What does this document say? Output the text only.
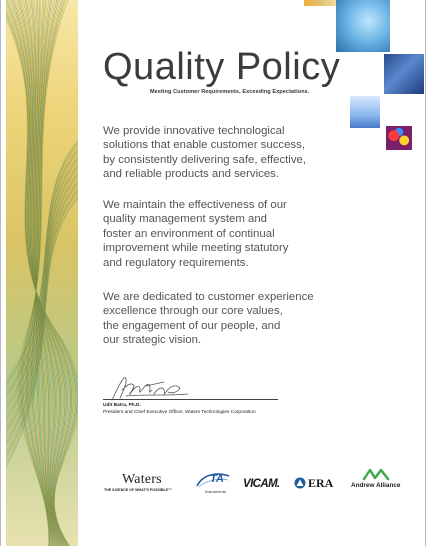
Quality Policy
Meeting Customer Requirements, Exceeding Expectations.

We provide innovative technological
solutions that enable customer success,
by consistently delivering safe, effective,
and reliable products and services.

We maintain the effectiveness of our
quality management system and
foster an environment of continual
improvement while meeting statutory
and regulatory requirements.

We are dedicated to customer experience
excellence through our core values,
the engagement of our people, and
our strategic vision.

Udit Batra, Ph.D.
President and Chief Executive Officer, Waters Technologies Corporation
Waters
THE SCIENCE OF WHAT'S POSSIBLE™
TA
Instruments
VICAM. ERA	Andrew Alliance
